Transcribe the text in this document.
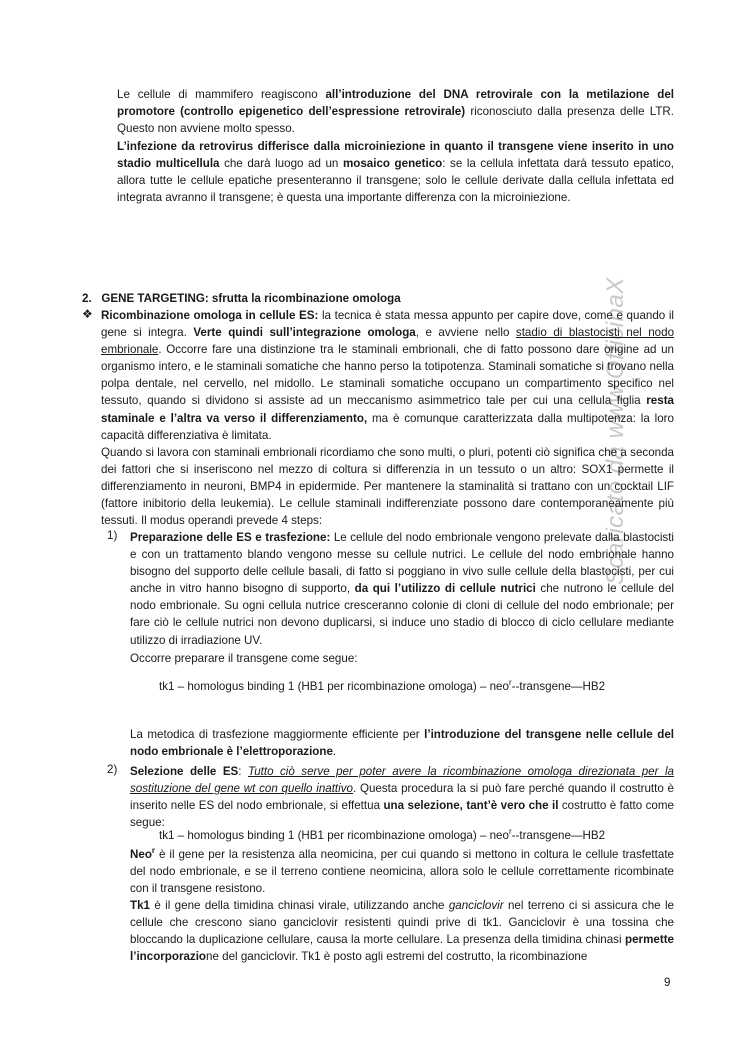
Scaricato da www.OfficinaX

Le cellule di mammifero reagiscono all’introduzione del DNA retrovirale con la metilazione del promotore (controllo epigenetico dell’espressione retrovirale) riconosciuto dalla presenza delle LTR. Questo non avviene molto spesso.

L’infezione da retrovirus differisce dalla microiniezione in quanto il transgene viene inserito in uno stadio multicellula che darà luogo ad un mosaico genetico: se la cellula infettata darà tessuto epatico, allora tutte le cellule epatiche presenteranno il transgene; solo le cellule derivate dalla cellula infettata ed integrata avranno il transgene; è questa una importante differenza con la microiniezione.

2. GENE TARGETING: sfrutta la ricombinazione omologa
❖ Ricombinazione omologa in cellule ES: la tecnica è stata messa appunto per capire dove, come e quando il gene si integra. Verte quindi sull’integrazione omologa, e avviene nello stadio di blastocisti nel nodo embrionale. Occorre fare una distinzione tra le staminali embrionali, che di fatto possono dare origine ad un organismo intero, e le staminali somatiche che hanno perso la totipotenza. Staminali somatiche si trovano nella polpa dentale, nel cervello, nel midollo. Le staminali somatiche occupano un compartimento specifico nel tessuto, quando si dividono si assiste ad un meccanismo asimmetrico tale per cui una cellula figlia resta staminale e l’altra va verso il differenziamento, ma è comunque caratterizzata dalla multipotenza: la loro capacità differenziativa è limitata.

Quando si lavora con staminali embrionali ricordiamo che sono multi, o pluri, potenti ciò significa che a seconda dei fattori che si inseriscono nel mezzo di coltura si differenzia in un tessuto o un altro: SOX1 permette il differenziamento in neuroni, BMP4 in epidermide. Per mantenere la staminalità si trattano con un cocktail LIF (fattore inibitorio della leukemia). Le cellule staminali indifferenziate possono dare contemporaneamente più tessuti. Il modus operandi prevede 4 steps:

1) Preparazione delle ES e trasfezione: Le cellule del nodo embrionale vengono prelevate dalla blastocisti e con un trattamento blando vengono messe su cellule nutrici. Le cellule del nodo embrionale hanno bisogno del supporto delle cellule basali, di fatto si poggiano in vivo sulle cellule della blastocisti, per cui anche in vitro hanno bisogno di supporto, da qui l’utilizzo di cellule nutrici che nutrono le cellule del nodo embrionale. Su ogni cellula nutrice cresceranno colonie di cloni di cellule del nodo embrionale; per fare ciò le cellule nutrici non devono duplicarsi, si induce uno stadio di blocco di ciclo cellulare mediante utilizzo di irradiazione UV.

Occorre preparare il transgene come segue:

tk1 – homologus binding 1 (HB1 per ricombinazione omologa) – neo$^r$--transgene—HB2

La metodica di trasfezione maggiormente efficiente per l’introduzione del transgene nelle cellule del nodo embrionale è l’elettroporazione.

2) Selezione delle ES: Tutto ciò serve per poter avere la ricombinazione omologa direzionata per la sostituzione del gene wt con quello inattivo. Questa procedura la si può fare perché quando il costrutto è inserito nelle ES del nodo embrionale, si effettua una selezione, tant’è vero che il costrutto è fatto come segue:

tk1 – homologus binding 1 (HB1 per ricombinazione omologa) – neo$^r$--transgene—HB2

Neo$^r$ è il gene per la resistenza alla neomicina, per cui quando si mettono in coltura le cellule trasfettate del nodo embrionale, e se il terreno contiene neomicina, allora solo le cellule correttamente ricombinate con il transgene resistono.

Tk1 è il gene della timidina chinasi virale, utilizzando anche ganciclovir nel terreno ci si assicura che le cellule che crescono siano ganciclovir resistenti quindi prive di tk1. Ganciclovir è una tossina che bloccando la duplicazione cellulare, causa la morte cellulare. La presenza della timidina chinasi permette l’incorporazione del ganciclovir. Tk1 è posto agli estremi del costrutto, la ricombinazione

9
